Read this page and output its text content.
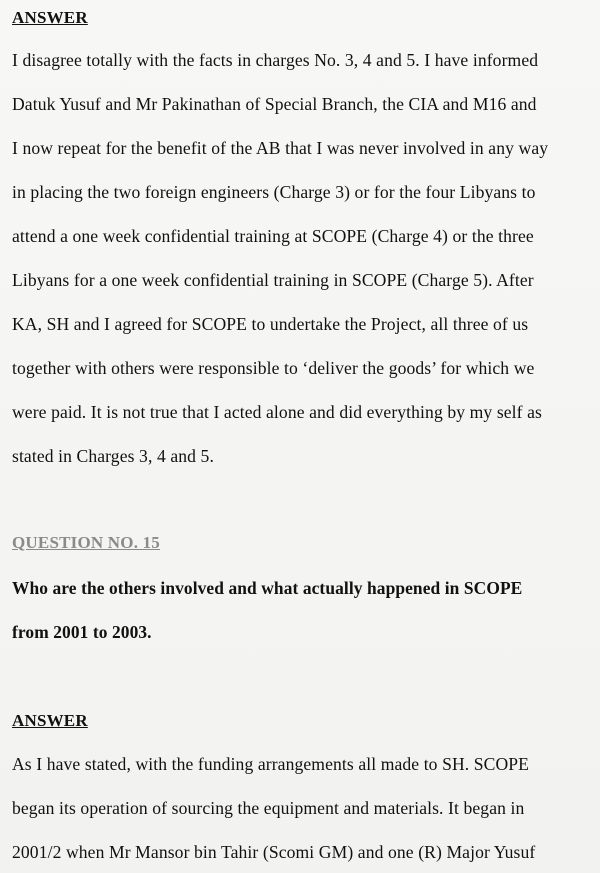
ANSWER
I disagree totally with the facts in charges No. 3, 4 and 5. I have informed
Datuk Yusuf and Mr Pakinathan of Special Branch, the CIA and M16 and
I now repeat for the benefit of the AB that I was never involved in any way
in placing the two foreign engineers (Charge 3) or for the four Libyans to
attend a one week confidential training at SCOPE (Charge 4) or the three
Libyans for a one week confidential training in SCOPE (Charge 5). After
KA, SH and I agreed for SCOPE to undertake the Project, all three of us
together with others were responsible to ‘deliver the goods’ for which we
were paid. It is not true that I acted alone and did everything by my self as
stated in Charges 3, 4 and 5.
QUESTION NO. 15
Who are the others involved and what actually happened in SCOPE
from 2001 to 2003.
ANSWER
As I have stated, with the funding arrangements all made to SH. SCOPE
began its operation of sourcing the equipment and materials. It began in
2001/2 when Mr Mansor bin Tahir (Scomi GM) and one (R) Major Yusuf
